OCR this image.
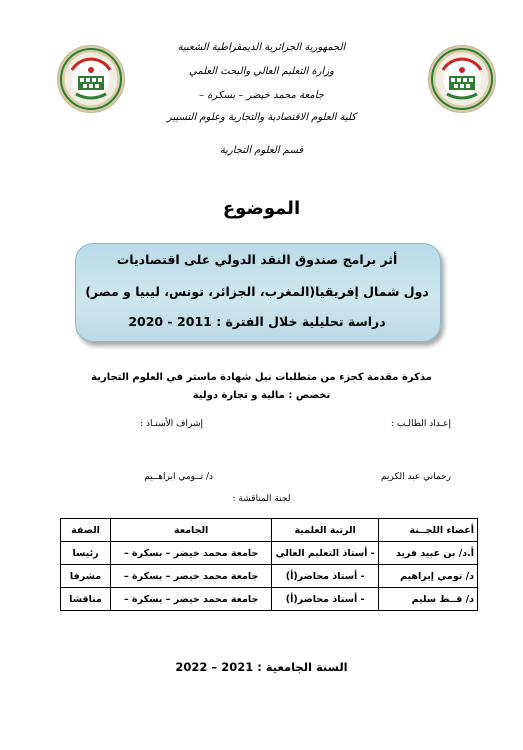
الجمهورية الجزائرية الديمقراطية الشعبية
وزارة التعليم العالي والبحث العلمي
جامعة محمد خيضر – بسكرة –
كلية العلوم الاقتصادية والتجارية وعلوم التسيير
قسم العلوم التجارية
الموضوع
أثر برامج صندوق النقد الدولي على اقتصاديات
دول شمال إفريقيا(المغرب، الجزائر، تونس، ليبيا و مصر)
دراسة تحليلية خلال الفترة : 2011 - 2020
مذكرة مقدمة كجزء من متطلبات نيل شهادة ماستر في العلوم التجارية
تخصص : مالية و تجارة دولية
إعـداد الطالـب :
إشراف الأستـاذ :
رحماني عبد الكريم
د/ تــومي ابراهــيم
لجنة المناقشة :
أعضاء اللجــنة	الرتبة العلمية	الجامعة	الصفة
أ.د/ بن عبيد فريد	- أستاذ التعليم العالي	جامعة محمد خيضر – بسكرة –	رئيسا
د/ تومي إبراهيم	- أستاذ محاضر(أ)	جامعة محمد خيضر – بسكرة –	مشرفا
د/ قــط سليم	- أستاذ محاضر(أ)	جامعة محمد خيضر – بسكرة –	مناقشا
السنة الجامعية : 2021 – 2022
